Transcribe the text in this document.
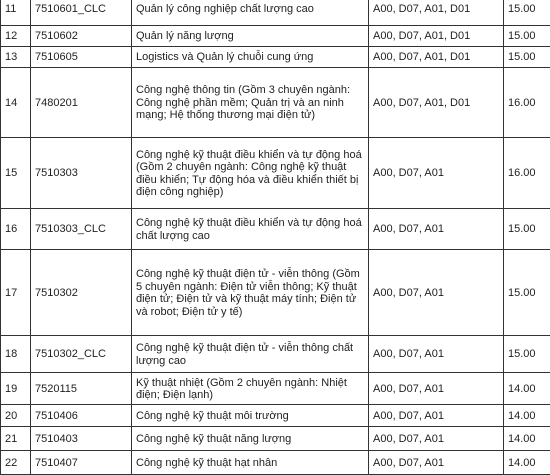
11	7510601_CLC	Quản lý công nghiệp chất lượng cao	A00, D07, A01, D01	15.00
12	7510602	Quản lý năng lượng	A00, D07, A01, D01	15.00
13	7510605	Logistics và Quản lý chuỗi cung ứng	A00, D07, A01, D01	15.00
14	7480201	Công nghệ thông tin (Gồm 3 chuyên ngành: Công nghệ phần mềm; Quản trị và an ninh mạng; Hệ thống thương mại điện tử)	A00, D07, A01, D01	16.00
15	7510303	Công nghệ kỹ thuật điều khiển và tự động hoá (Gồm 2 chuyên ngành: Công nghệ kỹ thuật điều khiển; Tự động hóa và điều khiển thiết bị điện công nghiệp)	A00, D07, A01	16.00
16	7510303_CLC	Công nghệ kỹ thuật điều khiển và tự động hoá chất lượng cao	A00, D07, A01	15.00
17	7510302	Công nghệ kỹ thuật điện tử - viễn thông (Gồm 5 chuyên ngành: Điện tử viễn thông; Kỹ thuật điện tử; Điện tử và kỹ thuật máy tính; Điện tử và robot; Điện tử y tế)	A00, D07, A01	15.00
18	7510302_CLC	Công nghệ kỹ thuật điện tử - viễn thông chất lượng cao	A00, D07, A01	15.00
19	7520115	Kỹ thuật nhiệt (Gồm 2 chuyên ngành: Nhiệt điện; Điện lạnh)	A00, D07, A01	14.00
20	7510406	Công nghệ kỹ thuật môi trường	A00, D07, A01	14.00
21	7510403	Công nghệ kỹ thuật năng lượng	A00, D07, A01	14.00
22	7510407	Công nghệ kỹ thuật hạt nhân	A00, D07, A01	14.00
